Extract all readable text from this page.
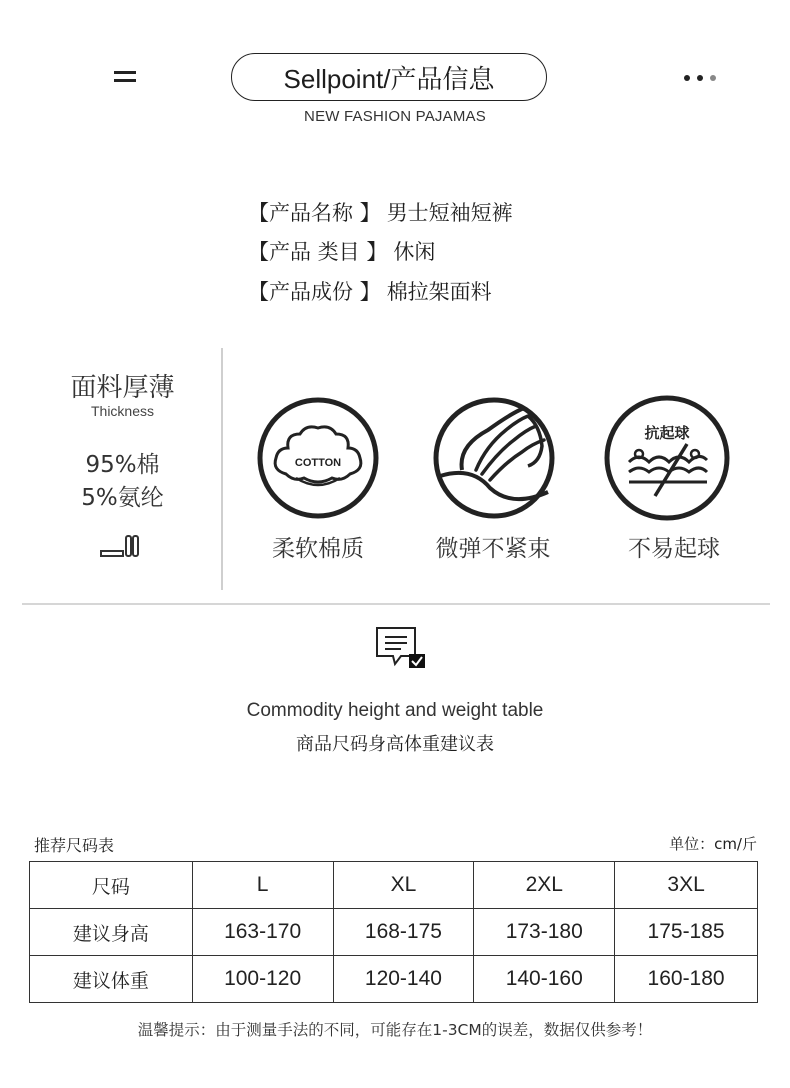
Sellpoint/产品信息
NEW FASHION PAJAMAS
【产品名称 】 男士短袖短裤
【产品 类目 】 休闲
【产品成份 】 棉拉架面料
面料厚薄
Thickness
95%棉
5%氨纶
COTTON
柔软棉质	微弹不紧束
抗起球
不易起球
Commodity height and weight table
商品尺码身高体重建议表
推荐尺码表	单位：cm/斤
尺码	L	XL	2XL	3XL
建议身高	163-170	168-175	173-180	175-185
建议体重	100-120	120-140	140-160	160-180
温馨提示：由于测量手法的不同，可能存在1-3CM的误差，数据仅供参考！
